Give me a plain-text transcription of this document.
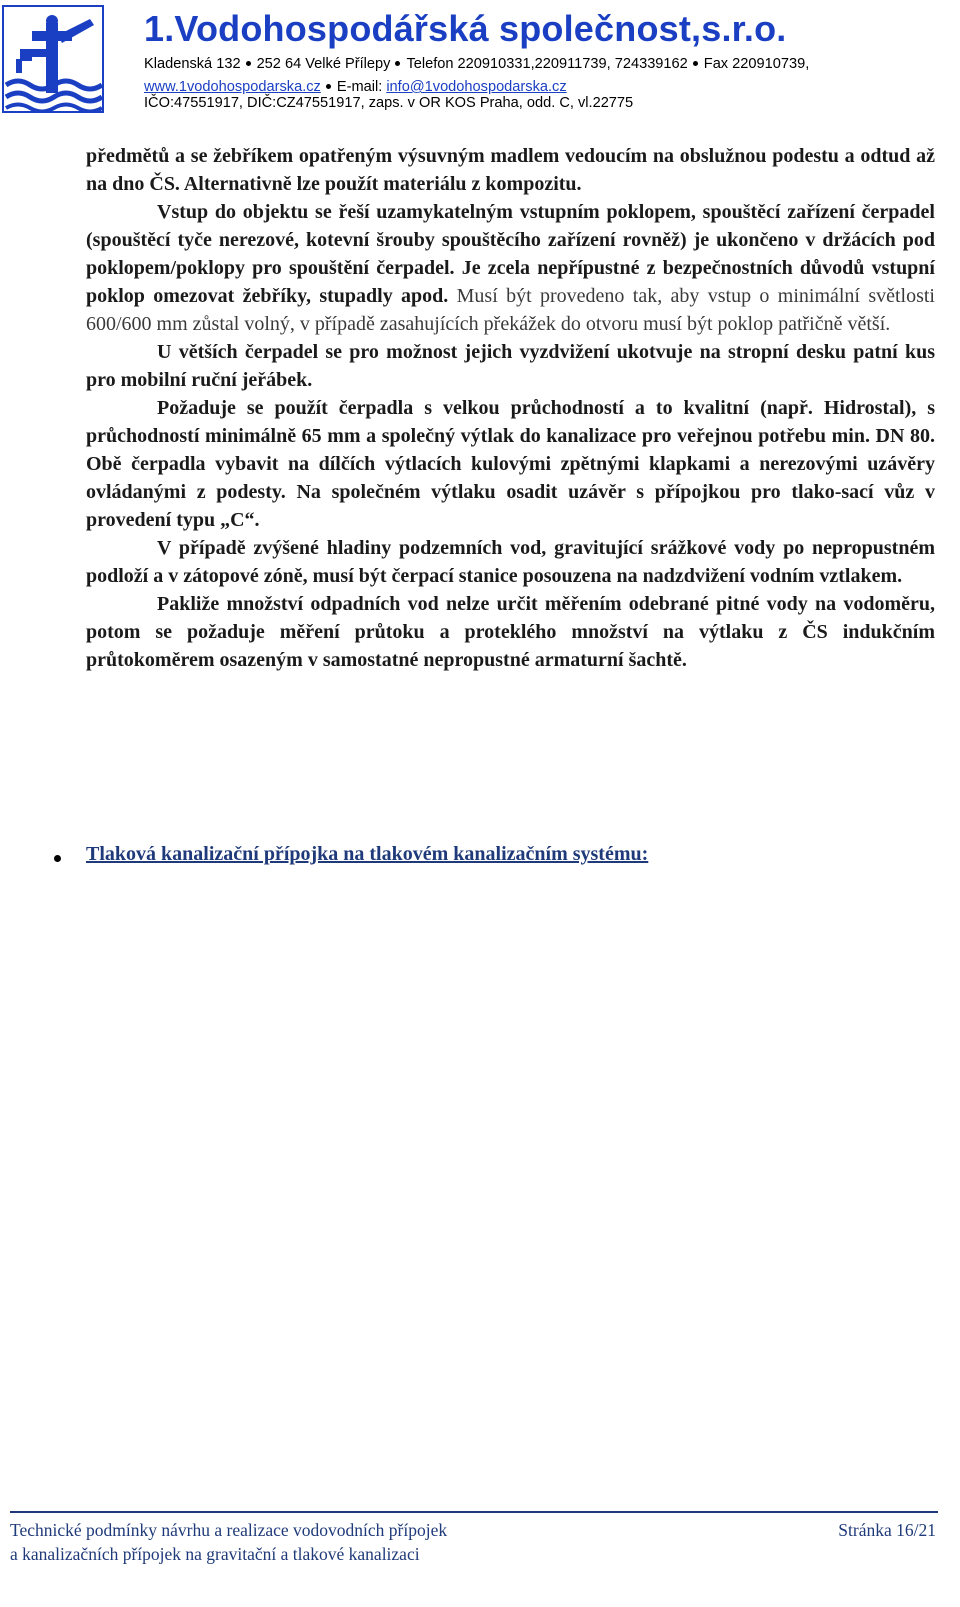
1.Vodohospodářská společnost,s.r.o.
Kladenská 132 252 64 Velké Přílepy Telefon 220910331,220911739, 724339162 Fax 220910739,
www.1vodohospodarska.cz E-mail: info@1vodohospodarska.cz
IČO:47551917, DIČ:CZ47551917, zaps. v OR KOS Praha, odd. C, vl.22775

předmětů a se žebříkem opatřeným výsuvným madlem vedoucím na obslužnou podestu a odtud až na dno ČS. Alternativně lze použít materiálu z kompozitu.

Vstup do objektu se řeší uzamykatelným vstupním poklopem, spouštěcí zařízení čerpadel (spouštěcí tyče nerezové, kotevní šrouby spouštěcího zařízení rovněž) je ukončeno v držácích pod poklopem/poklopy pro spouštění čerpadel. Je zcela nepřípustné z bezpečnostních důvodů vstupní poklop omezovat žebříky, stupadly apod. Musí být provedeno tak, aby vstup o minimální světlosti 600/600 mm zůstal volný, v případě zasahujících překážek do otvoru musí být poklop patřičně větší.

U větších čerpadel se pro možnost jejich vyzdvižení ukotvuje na stropní desku patní kus pro mobilní ruční jeřábek.

Požaduje se použít čerpadla s velkou průchodností a to kvalitní (např. Hidrostal), s průchodností minimálně 65 mm a společný výtlak do kanalizace pro veřejnou potřebu min. DN 80. Obě čerpadla vybavit na dílčích výtlacích kulovými zpětnými klapkami a nerezovými uzávěry ovládanými z podesty. Na společném výtlaku osadit uzávěr s přípojkou pro tlako-sací vůz v provedení typu „C“.

V případě zvýšené hladiny podzemních vod, gravitující srážkové vody po nepropustném podloží a v zátopové zóně, musí být čerpací stanice posouzena na nadzdvižení vodním vztlakem.

Pakliže množství odpadních vod nelze určit měřením odebrané pitné vody na vodoměru, potom se požaduje měření průtoku a proteklého množství na výtlaku z ČS indukčním průtokoměrem osazeným v samostatné nepropustné armaturní šachtě.

Tlaková kanalizační přípojka na tlakovém kanalizačním systému:
Technické podmínky návrhu a realizace vodovodních přípojek
a kanalizačních přípojek na gravitační a tlakové kanalizaci
Stránka 16/21
